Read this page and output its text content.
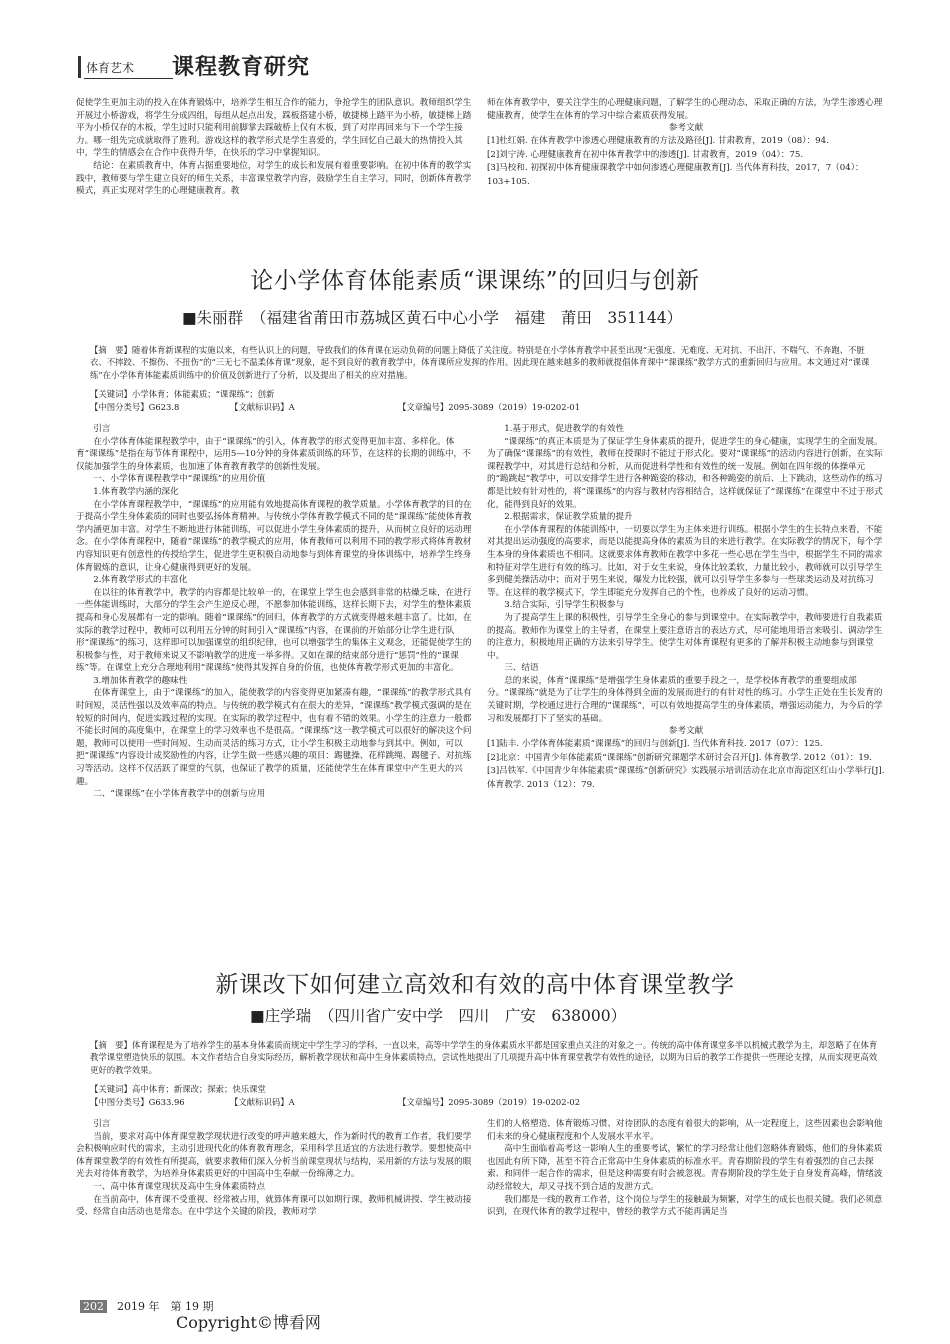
体育艺术 课程教育研究

促使学生更加主动的投入在体育锻炼中，培养学生相互合作的能力，争抢学生的团队意识。教师组织学生开展过小桥游戏，将学生分成四组，每组从起点出发，踩板搭建小桥，敏捷梯上踏平为小桥，敏捷梯上踏平为小桥仅存的木板，学生过时只能利用前脚掌去踩破桥上仅有木板，到了对岸再回来与下一个学生接力。哪一组先完成就取得了胜利。游戏这样的教学形式是学生喜爱的，学生回忆自己最大的热情投入其中，学生的情感会在合作中获得升华，在快乐的学习中掌握知识。

结论：在素质教育中，体育占据重要地位，对学生的成长和发展有着重要影响。在初中体育的教学实践中，教师要与学生建立良好的师生关系，丰富课堂教学内容，鼓励学生自主学习，同时，创新体育教学模式，真正实现对学生的心理健康教育。教

师在体育教学中，要关注学生的心理健康问题，了解学生的心理动态，采取正确的方法，为学生渗透心理健康教育，使学生在体育的学习中综合素质获得发展。

参考文献

[1]杜红娟. 在体育教学中渗透心理健康教育的方法及路径[J]. 甘肃教育，2019（08）：94.

[2]刘宁涛. 心理健康教育在初中体育教学中的渗透[J]. 甘肃教育，2019（04）：75.

[3]马校和. 初探初中体育健康课教学中如何渗透心理健康教育[J]. 当代体育科技，2017，7（04）：103+105.

论小学体育体能素质“课课练”的回归与创新
■朱丽群　（福建省莆田市荔城区黄石中心小学　福建　莆田　351144）
【摘　要】随着体育新课程的实施以来，有些认识上的问题，导致我们的体育课在运动负荷的问题上降低了关注度。特别是在小学体育教学中甚至出现“无强度、无难度、无对抗、不出汗、不喘气、不奔跑、不脏衣、不摔跤、不擦伤、不扭伤”的“三无七不温柔体育课”现象，起不到良好的教育教学中，体育课所应发挥的作用。因此现在越来越多的教师就提倡体育课中“课课练”教学方式的重新回归与应用。本文通过对“课课练”在小学体育体能素质训练中的价值及创新进行了分析，以及提出了相关的应对措施。
【关键词】小学体育；体能素质；“课课练”；创新
【中图分类号】G623.8	【文献标识码】A	【文章编号】2095-3089（2019）19-0202-01

引言

在小学体育体能课程教学中，由于“课课练”的引入，体育教学的形式变得更加丰富、多样化。体育“课课练”是指在每节体育课程中，运用5—10分钟的身体素质训练的环节，在这样的长期的训练中，不仅能加强学生的身体素质，也加速了体育教育教学的创新性发展。

一、小学体育课程教学中“课课练”的应用价值

1.体育教学内涵的深化

在小学体育课程教学中，“课课练”的应用能有效地提高体育课程的教学质量。小学体育教学的目的在于提高小学生身体素质的同时也要弘扬体育精神。与传统小学体育教学模式不同的是“课课练”能使体育教学内涵更加丰富。对学生不断地进行体能训练，可以促进小学生身体素质的提升，从而树立良好的运动理念。在小学体育课程中，随着“课课练”的教学模式的应用，体育教师可以利用不同的教学形式将体育教材内容知识更有创意性的传授给学生，促进学生更积极自动地参与到体育课堂的身体训练中，培养学生终身体育锻炼的意识，让身心健康得到更好的发展。

2.体育教学形式的丰富化

在以往的体育教学中，教学的内容都是比较单一的，在课堂上学生也会感到非常的枯燥乏味，在进行一些体能训练时，大部分的学生会产生逆反心理，不愿参加体能训练，这样长期下去，对学生的整体素质提高和身心发展都有一定的影响。随着“课课练”的回归，体育教学的方式就变得越来越丰富了。比如，在实际的教学过程中，教师可以利用五分钟的时间引入“课课练”内容，在课前的开始部分让学生进行队形“课课练”的练习，这样即可以加强课堂的组织纪律，也可以增强学生的集体主义观念，还能促使学生的积极参与性，对于教师来说又不影响教学的进度一举多得。又如在课的结束部分进行“惩罚”性的“课课练”等。在课堂上充分合理地利用“课课练”使得其发挥自身的价值，也使体育教学形式更加的丰富化。

3.增加体育教学的趣味性

在体育课堂上，由于“课课练”的加入，能使教学的内容变得更加紧凑有趣，“课课练”的教学形式具有时间短，灵活性强以及效率高的特点。与传统的教学模式有在很大的差异，“课课练”教学模式强调的是在较短的时间内，促进实践过程的实现。在实际的教学过程中，也有着不错的效果。小学生的注意力一般都不能长时间的高度集中，在课堂上的学习效率也不是很高。“课课练”这一教学模式可以很好的解决这个问题，教师可以使用一些时间短、生动而灵活的练习方式，让小学生积极主动地参与到其中。例如，可以把“课课练”内容设计成奖励性的内容，让学生做一些感兴趣的项目：踢毽操、花样跳绳、踢毽子、对抗练习等活动。这样不仅活跃了课堂的气氛，也保证了教学的质量，还能使学生在体育课堂中产生更大的兴趣。

二、“课课练”在小学体育教学中的创新与应用

1.基于形式，促进教学的有效性

“课课练”的真正本质是为了保证学生身体素质的提升，促进学生的身心健康，实现学生的全面发展。为了确保“课课练”的有效性，教师在授课时不能过于形式化。要对“课课练”的活动内容进行创新，在实际课程教学中，对其进行总结和分析，从而促进科学性和有效性的统一发展。例如在四年级的体操单元的“跪跳起”教学中，可以安排学生进行各种跪姿的移动，和各种跪姿的前后、上下跳动，这些动作的练习都是比较有针对性的，将“课课练”的内容与教材内容相结合，这样就保证了“课课练”在课堂中不过于形式化，能得到良好的效果。

2.根据需求，保证教学质量的提升

在小学体育课程的体能训练中，一切要以学生为主体来进行训练。根据小学生的生长特点来看，不能对其提出运动强度的高要求，而是以能提高身体的素质为目的来进行教学。在实际教学的情况下，每个学生本身的身体素质也不相同。这就要求体育教师在教学中多花一些心思在学生当中，根据学生不同的需求和特征对学生进行有效的练习。比如，对于女生来说，身体比较柔软，力量比较小，教师就可以引导学生多到健美操活动中；而对于男生来说，爆发力比较强，就可以引导学生多参与一些球类运动及对抗练习等。在这样的教学模式下，学生即能充分发挥自己的个性，也养成了良好的运动习惯。

3.结合实际，引导学生积极参与

为了提高学生上课的积极性，引导学生全身心的参与到课堂中。在实际教学中，教师要进行自我素质的提高。教师作为课堂上的主导者，在课堂上要注意语言的表达方式，尽可能地用语言来吸引、调动学生的注意力，积极地用正确的方法来引导学生。使学生对体育课程有更多的了解并积极主动地参与到课堂中。

三、结语

总的来说，体育“课课练”是增强学生身体素质的重要手段之一，是学校体育教学的重要组成部分。“课课练”就是为了让学生的身体得到全面的发展而进行的有针对性的练习。小学生正处在生长发育的关键时期，学校通过进行合理的“课课练”，可以有效地提高学生的身体素质，增强运动能力，为今后的学习和发展都打下了坚实的基础。

参考文献

[1]陆丰. 小学体育体能素质“课课练”的回归与创新[J]. 当代体育科技. 2017（07）：125.

[2]北京：中国青少年体能素质“课课练”创新研究课题学术研讨会召开[J]. 体育教学. 2012（01）：19.

[3]吕铁军.《中国青少年体能素质“课课练”创新研究》实践展示培训活动在北京市海淀区红山小学举行[J]. 体育教学. 2013（12）：79.

新课改下如何建立高效和有效的高中体育课堂教学
■庄学瑞　（四川省广安中学　四川　广安　638000）
【摘　要】体育课程是为了培养学生的基本身体素质而规定中学生学习的学科，一直以来，高等中学学生的身体素质水平都是国家重点关注的对象之一。传统的高中体育课堂多半以机械式教学为主，却忽略了在体育教学课堂塑造快乐的氛围。本文作者结合自身实际经历，解析教学现状和高中生身体素质特点，尝试性地提出了几项提升高中体育课堂教学有效性的途径，以期为日后的教学工作提供一些理论支撑，从而实现更高效更好的教学效果。
【关键词】高中体育；新课改；探索；快乐课堂
【中图分类号】G633.96	【文献标识码】A	【文章编号】2095-3089（2019）19-0202-02

引言

当前，要求对高中体育课堂教学现状进行改变的呼声越来越大，作为新时代的教育工作者，我们要学会积极响应时代的需求，主动引进现代化的体育教育理念，采用科学且适宜的方法进行教学。要想使高中体育课堂教学的有效性有所提高，就要求教师们深入分析当前课堂现状与结构，采用新的方法与发展的眼光去对待体育教学，为培养身体素质更好的中国高中生奉献一份绵薄之力。

一、高中体育课堂现状及高中生身体素质特点

在当前高中，体育课不受重视、经常被占用，就算体育课可以如期行课，教师机械讲授、学生被动接受、经常自由活动也是常态。在中学这个关键的阶段，教师对学

生们的人格塑造、体育锻炼习惯、对待团队的态度有着很大的影响，从一定程度上，这些因素也会影响他们未来的身心健康程度和个人发展水平水平。

高中生面临着高考这一影响人生的重要考试，繁忙的学习经常让他们忽略体育锻炼，他们的身体素质也因此有所下降，甚至不符合正常高中生身体素质的标准水平。青春期阶段的学生有着强烈的自己去探索、和同伴一起合作的需求，但是这种需要有时会被忽视。青春期阶段的学生处于自身发育高峰，情绪波动经常较大，却又寻找不到合适的发泄方式。

我们都是一线的教育工作者，这个岗位与学生的接触最为频繁，对学生的成长也很关键。我们必须意识到，在现代体育的教学过程中，曾经的教学方式不能再满足当

202 2019 年　第 19 期
Copyright©博看网
